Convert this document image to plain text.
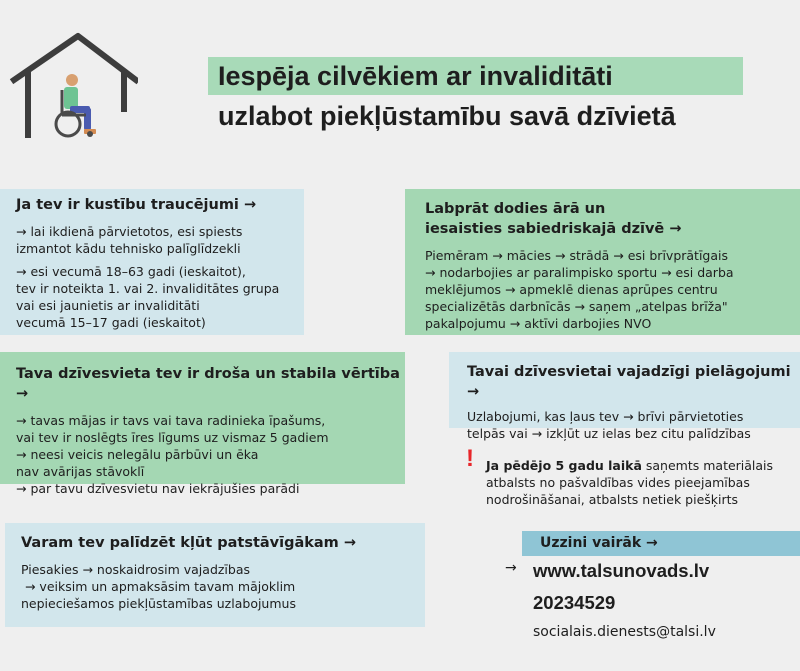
Iespēja cilvēkiem ar invaliditāti
uzlabot piekļūstamību savā dzīvietā
Ja tev ir kustību traucējumi →
→ lai ikdienā pārvietotos, esi spiests
izmantot kādu tehnisko palīglīdzekli
→ esi vecumā 18–63 gadi (ieskaitot),
tev ir noteikta 1. vai 2. invaliditātes grupa
vai esi jaunietis ar invaliditāti
vecumā 15–17 gadi (ieskaitot)
Labprāt dodies ārā un
iesaisties sabiedriskajā dzīvē →
Piemēram → mācies → strādā → esi brīvprātīgais
→ nodarbojies ar paralimpisko sportu → esi darba
meklējumos → apmeklē dienas aprūpes centru
specializētās darbnīcās → saņem „atelpas brīža"
pakalpojumu → aktīvi darbojies NVO
Tava dzīvesvieta tev ir droša un stabila vērtība →
→ tavas mājas ir tavs vai tava radinieka īpašums,
vai tev ir noslēgts īres līgums uz vismaz 5 gadiem
→ neesi veicis nelegālu pārbūvi un ēka
nav avārijas stāvoklī
→ par tavu dzīvesvietu nav iekrājušies parādi
Tavai dzīvesvietai vajadzīgi pielāgojumi →
Uzlabojumi, kas ļaus tev → brīvi pārvietoties
telpās vai → izkļūt uz ielas bez citu palīdzības
! Ja pēdējo 5 gadu laikā saņemts materiālais
atbalsts no pašvaldības vides pieejamības
nodrošināšanai, atbalsts netiek piešķirts
Varam tev palīdzēt kļūt patstāvīgākam →
Piesakies → noskaidrosim vajadzības
→ veiksim un apmaksāsim tavam mājoklim
nepieciešamos piekļūstamības uzlabojumus
Uzzini vairāk →
→ www.talsunovads.lv
20234529
socialais.dienests@talsi.lv
